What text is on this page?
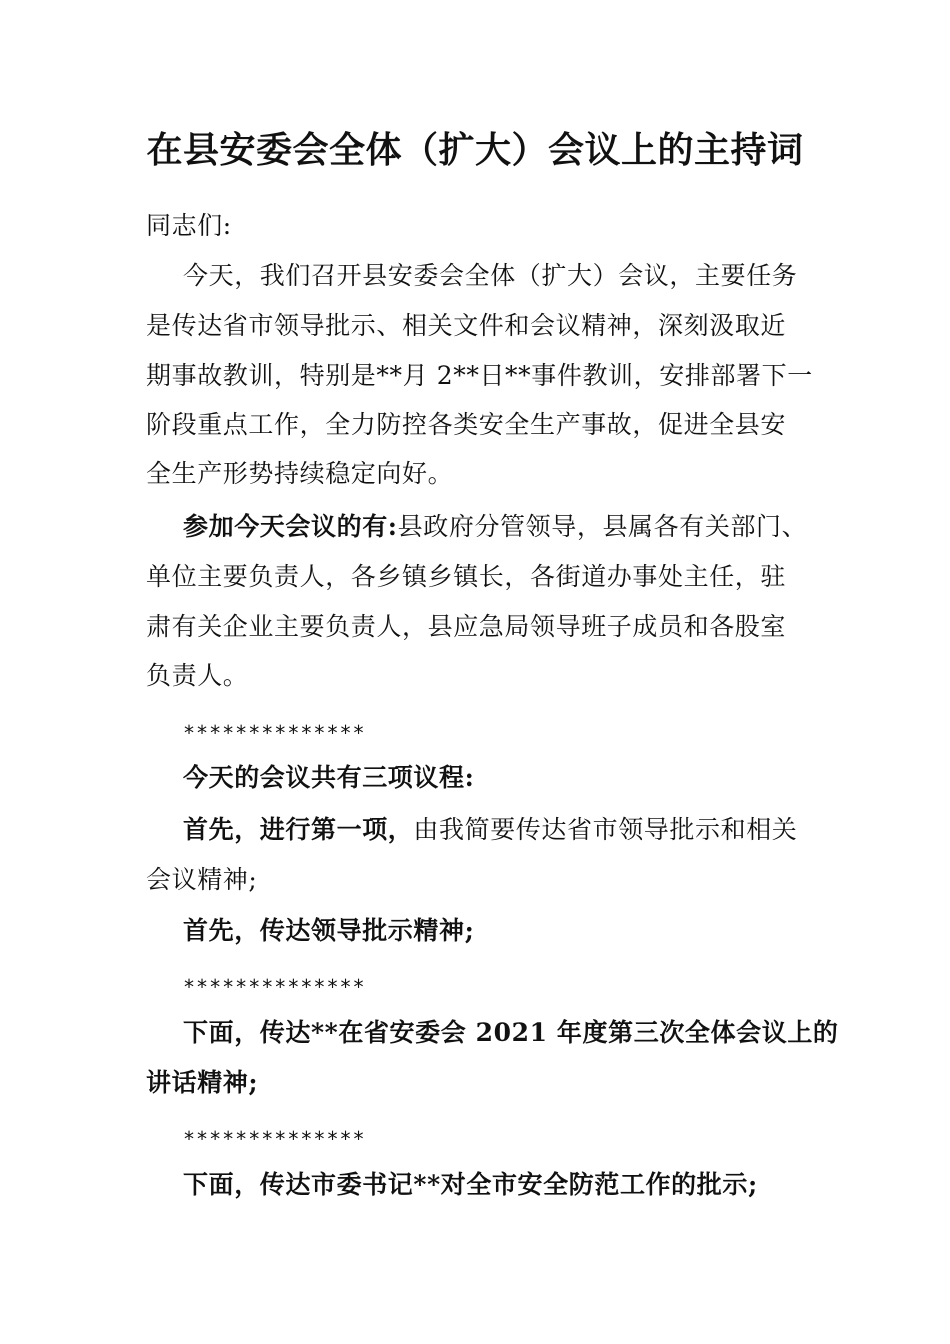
在县安委会全体（扩大）会议上的主持词
同志们:
今天，我们召开县安委会全体（扩大）会议，主要任务
是传达省市领导批示、相关文件和会议精神，深刻汲取近
期事故教训，特别是**月 2**日**事件教训，安排部署下一
阶段重点工作，全力防控各类安全生产事故，促进全县安
全生产形势持续稳定向好。
参加今天会议的有:县政府分管领导，县属各有关部门、
单位主要负责人，各乡镇乡镇长，各街道办事处主任，驻
肃有关企业主要负责人，县应急局领导班子成员和各股室
负责人。
**************
今天的会议共有三项议程:
首先，进行第一项，由我简要传达省市领导批示和相关
会议精神;
首先，传达领导批示精神;
**************
下面，传达**在省安委会 2021 年度第三次全体会议上的
讲话精神;
**************
下面，传达市委书记**对全市安全防范工作的批示;
